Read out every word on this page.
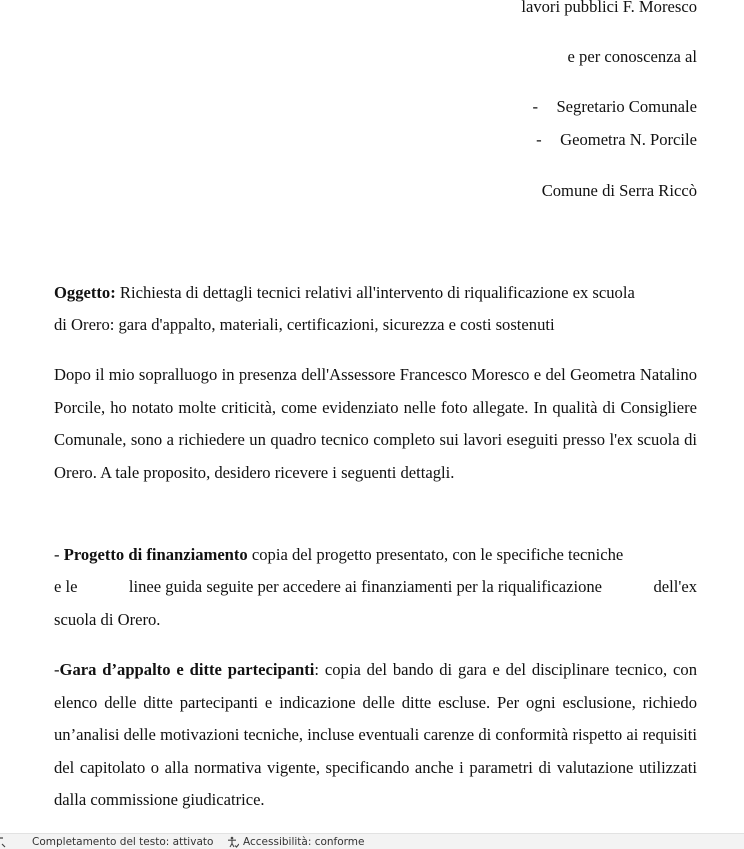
lavori pubblici F. Moresco
e per conoscenza al
- Segretario Comunale
- Geometra N. Porcile
Comune di Serra Riccò
Oggetto: Richiesta di dettagli tecnici relativi all'intervento di riqualificazione ex scuola
di Orero: gara d'appalto, materiali, certificazioni, sicurezza e costi sostenuti

Dopo il mio sopralluogo in presenza dell'Assessore Francesco Moresco e del Geometra Natalino Porcile, ho notato molte criticità, come evidenziato nelle foto allegate. In qualità di Consigliere Comunale, sono a richiedere un quadro tecnico completo sui lavori eseguiti presso l'ex scuola di Orero. A tale proposito, desidero ricevere i seguenti dettagli.

-
Progetto di finanziamento
copia del progetto presentato, con le specifiche tecniche
e le	linee guida seguite per accedere ai finanziamenti per la riqualificazione	dell'ex
scuola di Orero.

-Gara d’appalto e ditte partecipanti: copia del bando di gara e del disciplinare tecnico, con elenco delle ditte partecipanti e indicazione delle ditte escluse. Per ogni esclusione, richiedo un’analisi delle motivazioni tecniche, incluse eventuali carenze di conformità rispetto ai requisiti del capitolato o alla normativa vigente, specificando anche i parametri di valutazione utilizzati dalla commissione giudicatrice.

Completamento del testo: attivato	Accessibilità: conforme
